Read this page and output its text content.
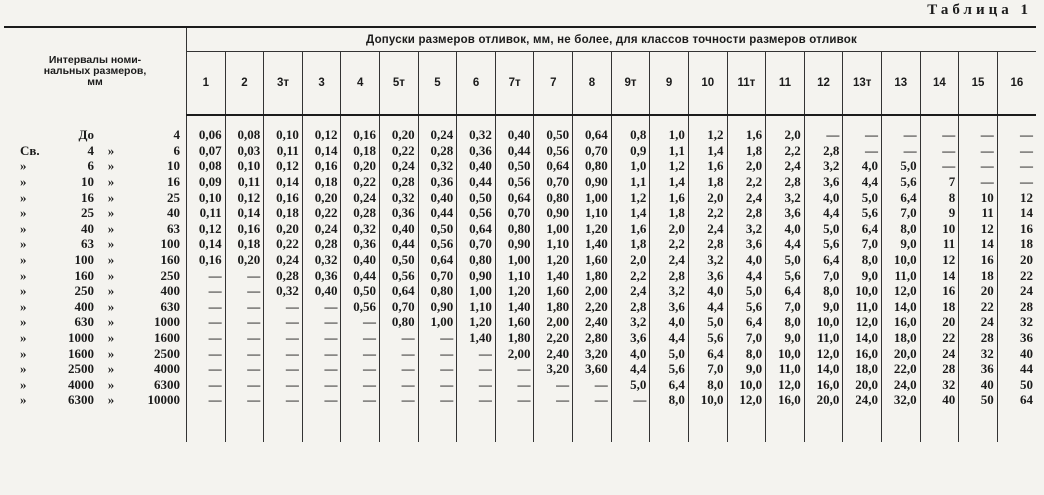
Таблица 1
Интервалы номи-
нальных размеров,
мм	Допуски размеров отливок, мм, не более, для классов точности размеров отливок																					
	1	2	3т	3	4	5т	5	6	7т	7	8	9т	9	10	11т	11	12	13т	13	14	15	16

До 4	0,06	0,08	0,10	0,12	0,16	0,20	0,24	0,32	0,40	0,50	0,64	0,8	1,0	1,2	1,6	2,0	—	—	—	—	—	—

Св. 4 » 6	0,07	0,03	0,11	0,14	0,18	0,22	0,28	0,36	0,44	0,56	0,70	0,9	1,1	1,4	1,8	2,2	2,8	—	—	—	—	—

» 6 » 10	0,08	0,10	0,12	0,16	0,20	0,24	0,32	0,40	0,50	0,64	0,80	1,0	1,2	1,6	2,0	2,4	3,2	4,0	5,0	—	—	—

» 10 » 16	0,09	0,11	0,14	0,18	0,22	0,28	0,36	0,44	0,56	0,70	0,90	1,1	1,4	1,8	2,2	2,8	3,6	4,4	5,6	7	—	—

» 16 » 25	0,10	0,12	0,16	0,20	0,24	0,32	0,40	0,50	0,64	0,80	1,00	1,2	1,6	2,0	2,4	3,2	4,0	5,0	6,4	8	10	12

» 25 » 40	0,11	0,14	0,18	0,22	0,28	0,36	0,44	0,56	0,70	0,90	1,10	1,4	1,8	2,2	2,8	3,6	4,4	5,6	7,0	9	11	14

» 40 » 63	0,12	0,16	0,20	0,24	0,32	0,40	0,50	0,64	0,80	1,00	1,20	1,6	2,0	2,4	3,2	4,0	5,0	6,4	8,0	10	12	16

» 63 » 100	0,14	0,18	0,22	0,28	0,36	0,44	0,56	0,70	0,90	1,10	1,40	1,8	2,2	2,8	3,6	4,4	5,6	7,0	9,0	11	14	18

» 100 » 160	0,16	0,20	0,24	0,32	0,40	0,50	0,64	0,80	1,00	1,20	1,60	2,0	2,4	3,2	4,0	5,0	6,4	8,0	10,0	12	16	20

» 160 » 250	—	—	0,28	0,36	0,44	0,56	0,70	0,90	1,10	1,40	1,80	2,2	2,8	3,6	4,4	5,6	7,0	9,0	11,0	14	18	22

» 250 » 400	—	—	0,32	0,40	0,50	0,64	0,80	1,00	1,20	1,60	2,00	2,4	3,2	4,0	5,0	6,4	8,0	10,0	12,0	16	20	24

» 400 » 630	—	—	—	—	0,56	0,70	0,90	1,10	1,40	1,80	2,20	2,8	3,6	4,4	5,6	7,0	9,0	11,0	14,0	18	22	28

» 630 » 1000	—	—	—	—	—	0,80	1,00	1,20	1,60	2,00	2,40	3,2	4,0	5,0	6,4	8,0	10,0	12,0	16,0	20	24	32

» 1000 » 1600	—	—	—	—	—	—	—	1,40	1,80	2,20	2,80	3,6	4,4	5,6	7,0	9,0	11,0	14,0	18,0	22	28	36

» 1600 » 2500	—	—	—	—	—	—	—	—	2,00	2,40	3,20	4,0	5,0	6,4	8,0	10,0	12,0	16,0	20,0	24	32	40

» 2500 » 4000	—	—	—	—	—	—	—	—	—	3,20	3,60	4,4	5,6	7,0	9,0	11,0	14,0	18,0	22,0	28	36	44

» 4000 » 6300	—	—	—	—	—	—	—	—	—	—	—	5,0	6,4	8,0	10,0	12,0	16,0	20,0	24,0	32	40	50

» 6300 » 10000	—	—	—	—	—	—	—	—	—	—	—	—	8,0	10,0	12,0	16,0	20,0	24,0	32,0	40	50	64
